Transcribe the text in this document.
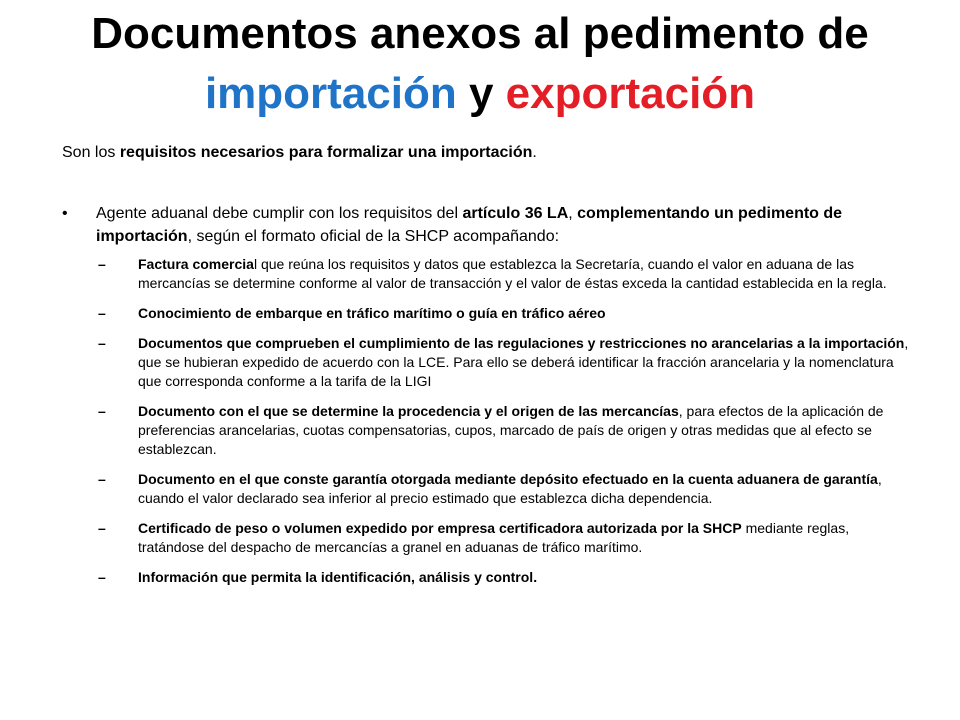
Documentos anexos al pedimento de
importación y exportación
Son los requisitos necesarios para formalizar una importación.
• Agente aduanal debe cumplir con los requisitos del artículo 36 LA, complementando un pedimento de importación, según el formato oficial de la SHCP acompañando:
– Factura comercial que reúna los requisitos y datos que establezca la Secretaría, cuando el valor en aduana de las mercancías se determine conforme al valor de transacción y el valor de éstas exceda la cantidad establecida en la regla.
– Conocimiento de embarque en tráfico marítimo o guía en tráfico aéreo
– Documentos que comprueben el cumplimiento de las regulaciones y restricciones no arancelarias a la importación, que se hubieran expedido de acuerdo con la LCE. Para ello se deberá identificar la fracción arancelaria y la nomenclatura que corresponda conforme a la tarifa de la LIGI
– Documento con el que se determine la procedencia y el origen de las mercancías, para efectos de la aplicación de preferencias arancelarias, cuotas compensatorias, cupos, marcado de país de origen y otras medidas que al efecto se establezcan.
– Documento en el que conste garantía otorgada mediante depósito efectuado en la cuenta aduanera de garantía, cuando el valor declarado sea inferior al precio estimado que establezca dicha dependencia.
– Certificado de peso o volumen expedido por empresa certificadora autorizada por la SHCP mediante reglas, tratándose del despacho de mercancías a granel en aduanas de tráfico marítimo.
– Información que permita la identificación, análisis y control.
